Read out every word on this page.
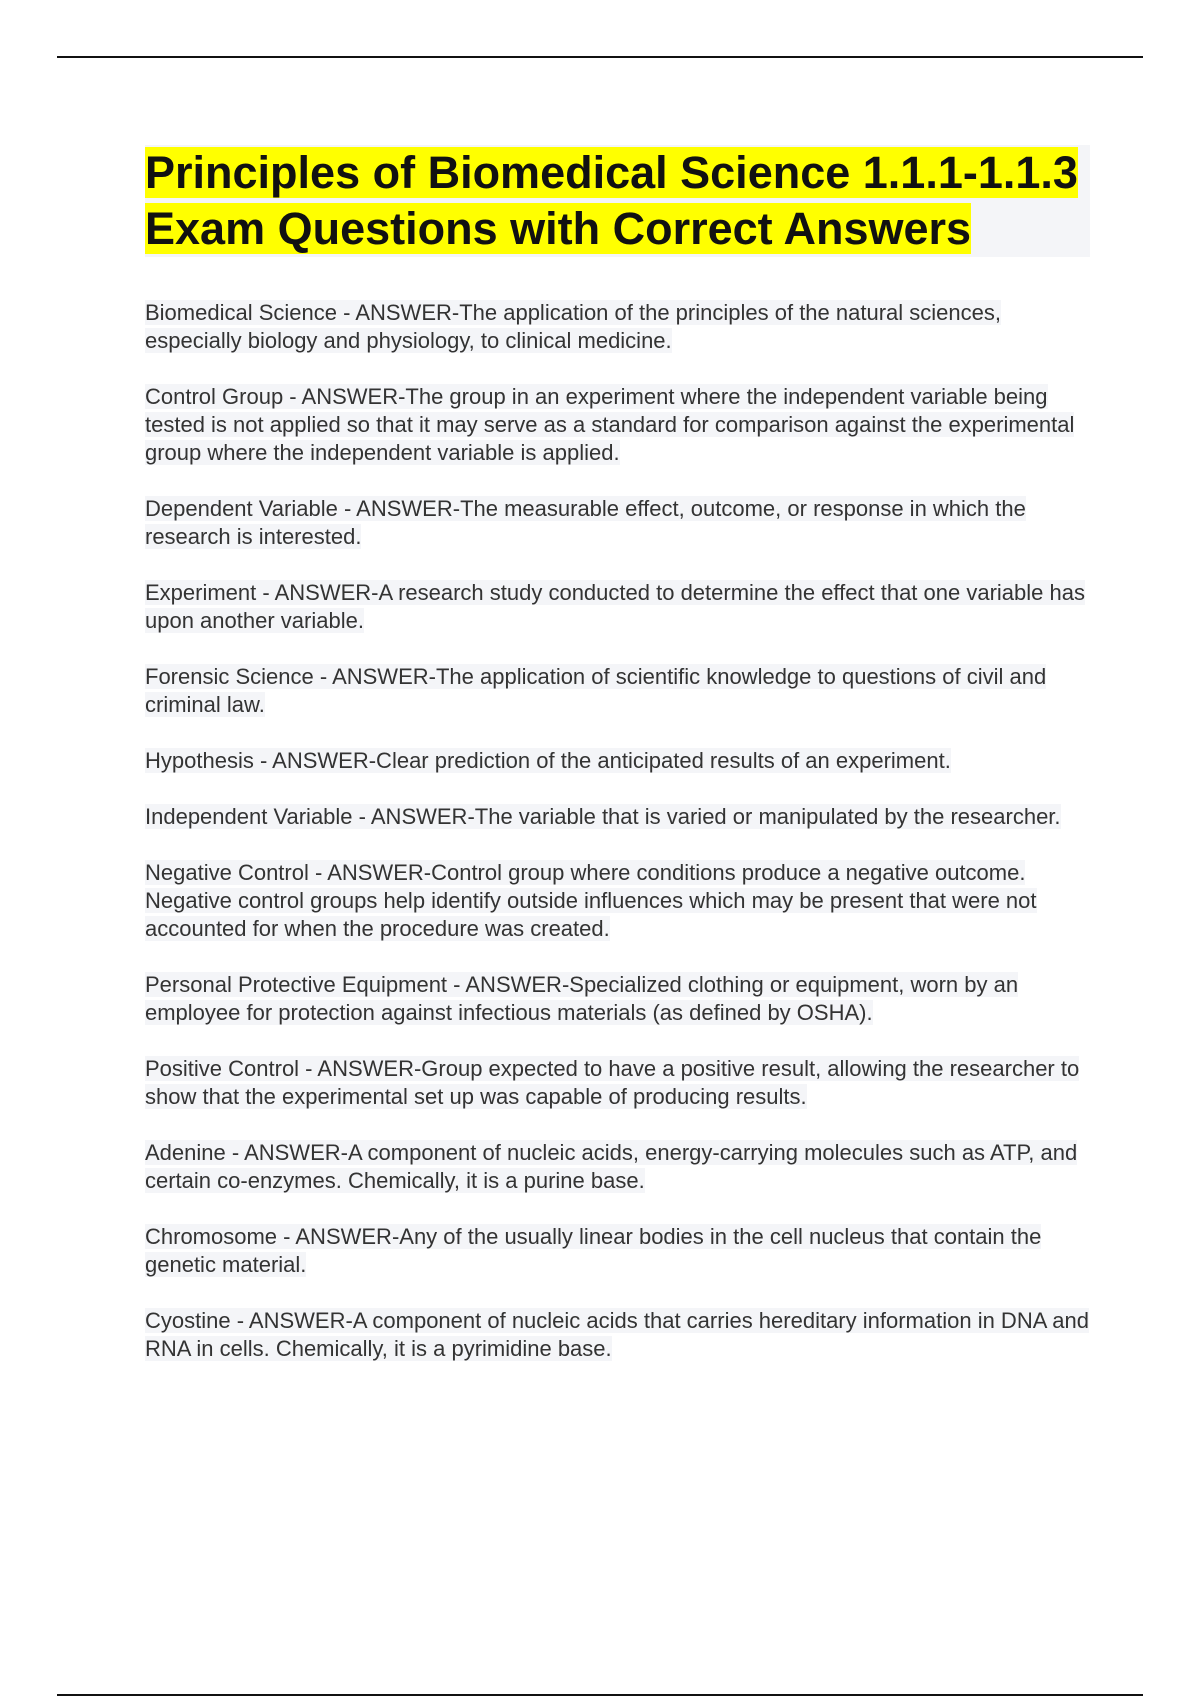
Principles of Biomedical Science 1.1.1-1.1.3 Exam Questions with Correct Answers
Biomedical Science - ANSWER-The application of the principles of the natural sciences, especially biology and physiology, to clinical medicine.
Control Group - ANSWER-The group in an experiment where the independent variable being tested is not applied so that it may serve as a standard for comparison against the experimental group where the independent variable is applied.
Dependent Variable - ANSWER-The measurable effect, outcome, or response in which the research is interested.
Experiment - ANSWER-A research study conducted to determine the effect that one variable has upon another variable.
Forensic Science - ANSWER-The application of scientific knowledge to questions of civil and criminal law.
Hypothesis - ANSWER-Clear prediction of the anticipated results of an experiment.
Independent Variable - ANSWER-The variable that is varied or manipulated by the researcher.
Negative Control - ANSWER-Control group where conditions produce a negative outcome. Negative control groups help identify outside influences which may be present that were not accounted for when the procedure was created.
Personal Protective Equipment - ANSWER-Specialized clothing or equipment, worn by an employee for protection against infectious materials (as defined by OSHA).
Positive Control - ANSWER-Group expected to have a positive result, allowing the researcher to show that the experimental set up was capable of producing results.
Adenine - ANSWER-A component of nucleic acids, energy-carrying molecules such as ATP, and certain co-enzymes. Chemically, it is a purine base.
Chromosome - ANSWER-Any of the usually linear bodies in the cell nucleus that contain the genetic material.
Cyostine - ANSWER-A component of nucleic acids that carries hereditary information in DNA and RNA in cells. Chemically, it is a pyrimidine base.
